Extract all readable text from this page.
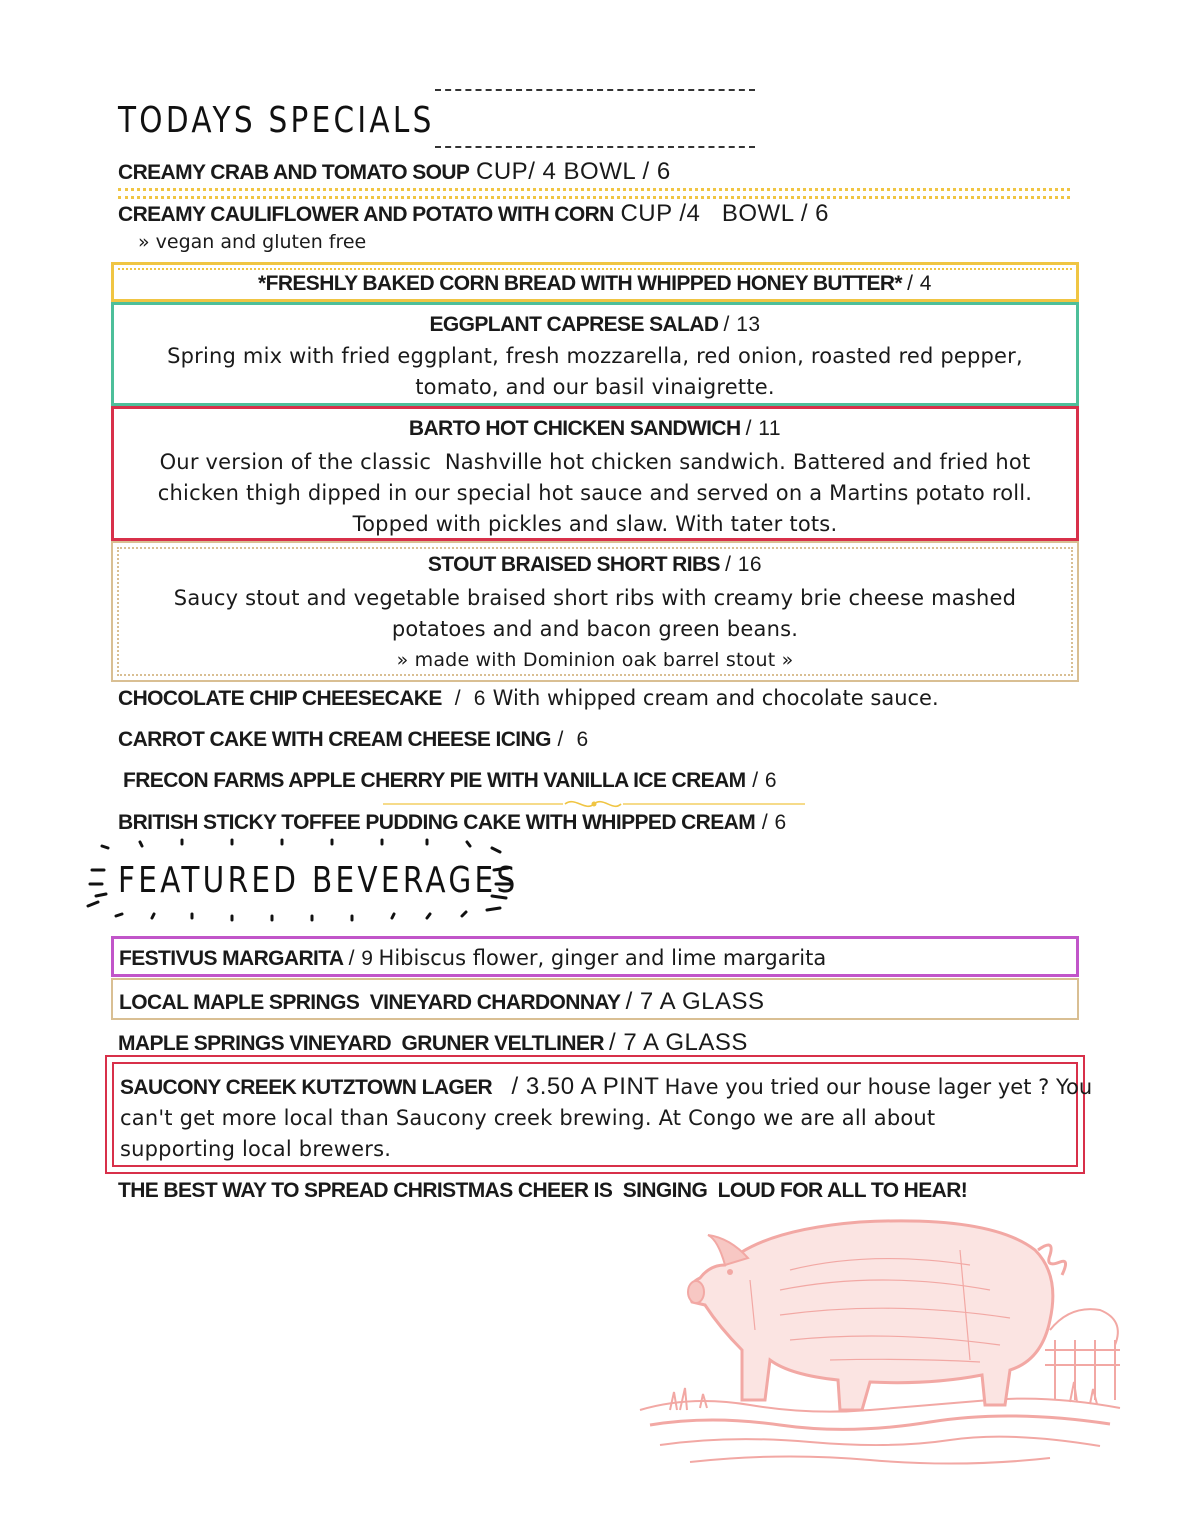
TODAYS SPECIALS
CREAMY CRAB AND TOMATO SOUP CUP/ 4 BOWL / 6
CREAMY CAULIFLOWER AND POTATO WITH CORN CUP /4   BOWL / 6
» vegan and gluten free
*FRESHLY BAKED CORN BREAD WITH WHIPPED HONEY BUTTER* / 4
EGGPLANT CAPRESE SALAD / 13
Spring mix with fried eggplant, fresh mozzarella, red onion, roasted red pepper,
tomato, and our basil vinaigrette.
BARTO HOT CHICKEN SANDWICH / 11
Our version of the classic  Nashville hot chicken sandwich. Battered and fried hot
chicken thigh dipped in our special hot sauce and served on a Martins potato roll.
Topped with pickles and slaw. With tater tots.
STOUT BRAISED SHORT RIBS / 16
Saucy stout and vegetable braised short ribs with creamy brie cheese mashed
potatoes and and bacon green beans.
» made with Dominion oak barrel stout »
CHOCOLATE CHIP CHEESECAKE /  6 With whipped cream and chocolate sauce.
CARROT CAKE WITH CREAM CHEESE ICING /  6
FRECON FARMS APPLE CHERRY PIE WITH VANILLA ICE CREAM / 6
BRITISH STICKY TOFFEE PUDDING CAKE WITH WHIPPED CREAM / 6
FEATURED BEVERAGES
FESTIVUS MARGARITA / 9 Hibiscus flower, ginger and lime margarita
LOCAL MAPLE SPRINGS  VINEYARD CHARDONNAY / 7 A GLASS
MAPLE SPRINGS VINEYARD  GRUNER VELTLINER / 7 A GLASS
SAUCONY CREEK KUTZTOWN LAGER / 3.50 A PINT Have you tried our house lager yet ? You
can't get more local than Saucony creek brewing. At Congo we are all about
supporting local brewers.
THE BEST WAY TO SPREAD CHRISTMAS CHEER IS  SINGING  LOUD FOR ALL TO HEAR!
